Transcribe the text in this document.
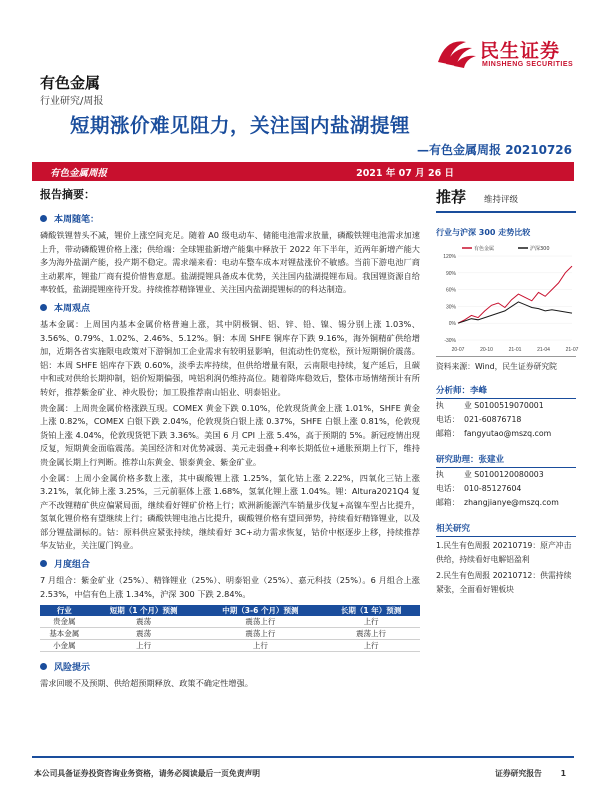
民生证券
MINSHENG SECURITIES
有色金属
行业研究/周报
短期涨价难见阻力，关注国内盐湖提锂
—有色金属周报 20210726
有色金属周报	2021 年 07 月 26 日
报告摘要：
本周随笔：

磷酸铁锂替头不减，锂价上涨空间充足。随着 A0 级电动车、储能电池需求放量，磷酸铁锂电池需求加速上升，带动磷酸锂价格上涨；供给端：全球锂盐新增产能集中释放于 2022 年下半年，近两年新增产能大多为海外盐湖产能，投产期不稳定。需求端来看：电动车整车成本对锂盐涨价不敏感。当前下游电池厂商主动累库，锂盐厂商有提价惜售意愿。盐湖提锂具备成本优势，关注国内盐湖提锂布局。我国锂资源自给率较低，盐湖提锂座待开发。持续推荐精锋锂业、关注国内盐湖提锂标的的科达制造。

本周观点

基本金属：上周国内基本金属价格普遍上涨，其中阴极铜、铝、锌、铅、镍、锡分别上涨 1.03%、3.56%、0.79%、1.02%、2.46%、5.12%。铜：本周 SHFE 铜库存下跌 9.16%，海外铜精矿供给增加，近期各省实施限电政策对下游铜加工企业需求有较明显影响，但流动性仍宽松，预计短期铜价震荡。铝：本周 SHFE 铝库存下跌 0.60%，淡季去库持续，但供给增量有限，云南限电持续，复产延后，且碳中和或对供给长期抑制，铝价短期偏强，吨铝利润仍维持高位。随着降库稳效后，整体市场情绪预计有所转好，推荐紫金矿业、神火股份；加工股推荐南山铝业、明泰铝业。

贵金属：上周贵金属价格涨跌互现。COMEX 黄金下跌 0.10%，伦敦现货黄金上涨 1.01%，SHFE 黄金上涨 0.82%，COMEX 白银下跌 2.04%，伦敦现货白银上涨 0.37%，SHFE 白银上涨 0.81%，伦敦现货铂上涨 4.04%，伦敦现货钯下跌 3.36%。美国 6 月 CPI 上涨 5.4%，高于预期的 5%。新冠疫情出现反复，短期黄金面临震荡。美国经济和对优势减弱、美元走弱叠+利率长期低位+通胀预期上行下，维持贵金属长期上行判断。推荐山东黄金、银泰黄金、紫金矿业。

小金属：上周小金属价格多数上涨，其中碳酸锂上涨 1.25%，氯化钴上涨 2.22%，四氧化三钴上涨 3.21%，氧化铈上涨 3.25%，三元前驱体上涨 1.68%，氢氧化锂上涨 1.04%。锂：Altura2021Q4 复产不改锂精矿供应偏紧局面，继续看好锂矿价格上行；欧洲新能源汽车销量步伐复+高镍车型占比提升，氢氧化锂价格有望继续上行；磷酸铁锂电池占比提升，碳酸锂价格有望回弹势，持续看好精锋锂业，以及部分锂盐湖标的。钴：原料供应紧张持续，继续看好 3C+动力需求恢复，钴价中枢逐步上移，持续推荐华友钴业，关注厦门钨业。

月度组合

7 月组合：紫金矿业（25%）、精锋锂业（25%）、明泰铝业（25%）、嘉元科技（25%）。6 月组合上涨 2.53%，中信有色上涨 1.34%，沪深 300 下跌 2.84%。

行业	短期（1 个月）预测	中期（3-6 个月）预测	长期（1 年）预测
贵金属	震荡	震荡上行	上行
基本金属	震荡	震荡上行	震荡上行
小金属	上行	上行	上行
风险提示

需求回暖不及预期、供给超预期释放、政策不确定性增强。

推荐 维持评级
行业与沪深 300 走势比较
120%
90%
60%
30%
0%
-30%
20-07	20-10	21-01	21-04	21-07
有色金属	沪深300
资料来源：Wind，民生证券研究院
分析师：李峰
执	业 S0100519070001
电话： 021-60876718
邮箱： fangyutao@mszq.com
研究助理：张建业
执	业 S0100120080003
电话： 010-85127604
邮箱： zhangjianye@mszq.com
相关研究
1.民生有色周报 20210719：原产冲击供给，持续看好电解铝盈利
2.民生有色周报 20210712：供需持续紧张，全面看好锂板块
本公司具备证券投资咨询业务资格，请务必阅读最后一页免责声明	证券研究报告 1
